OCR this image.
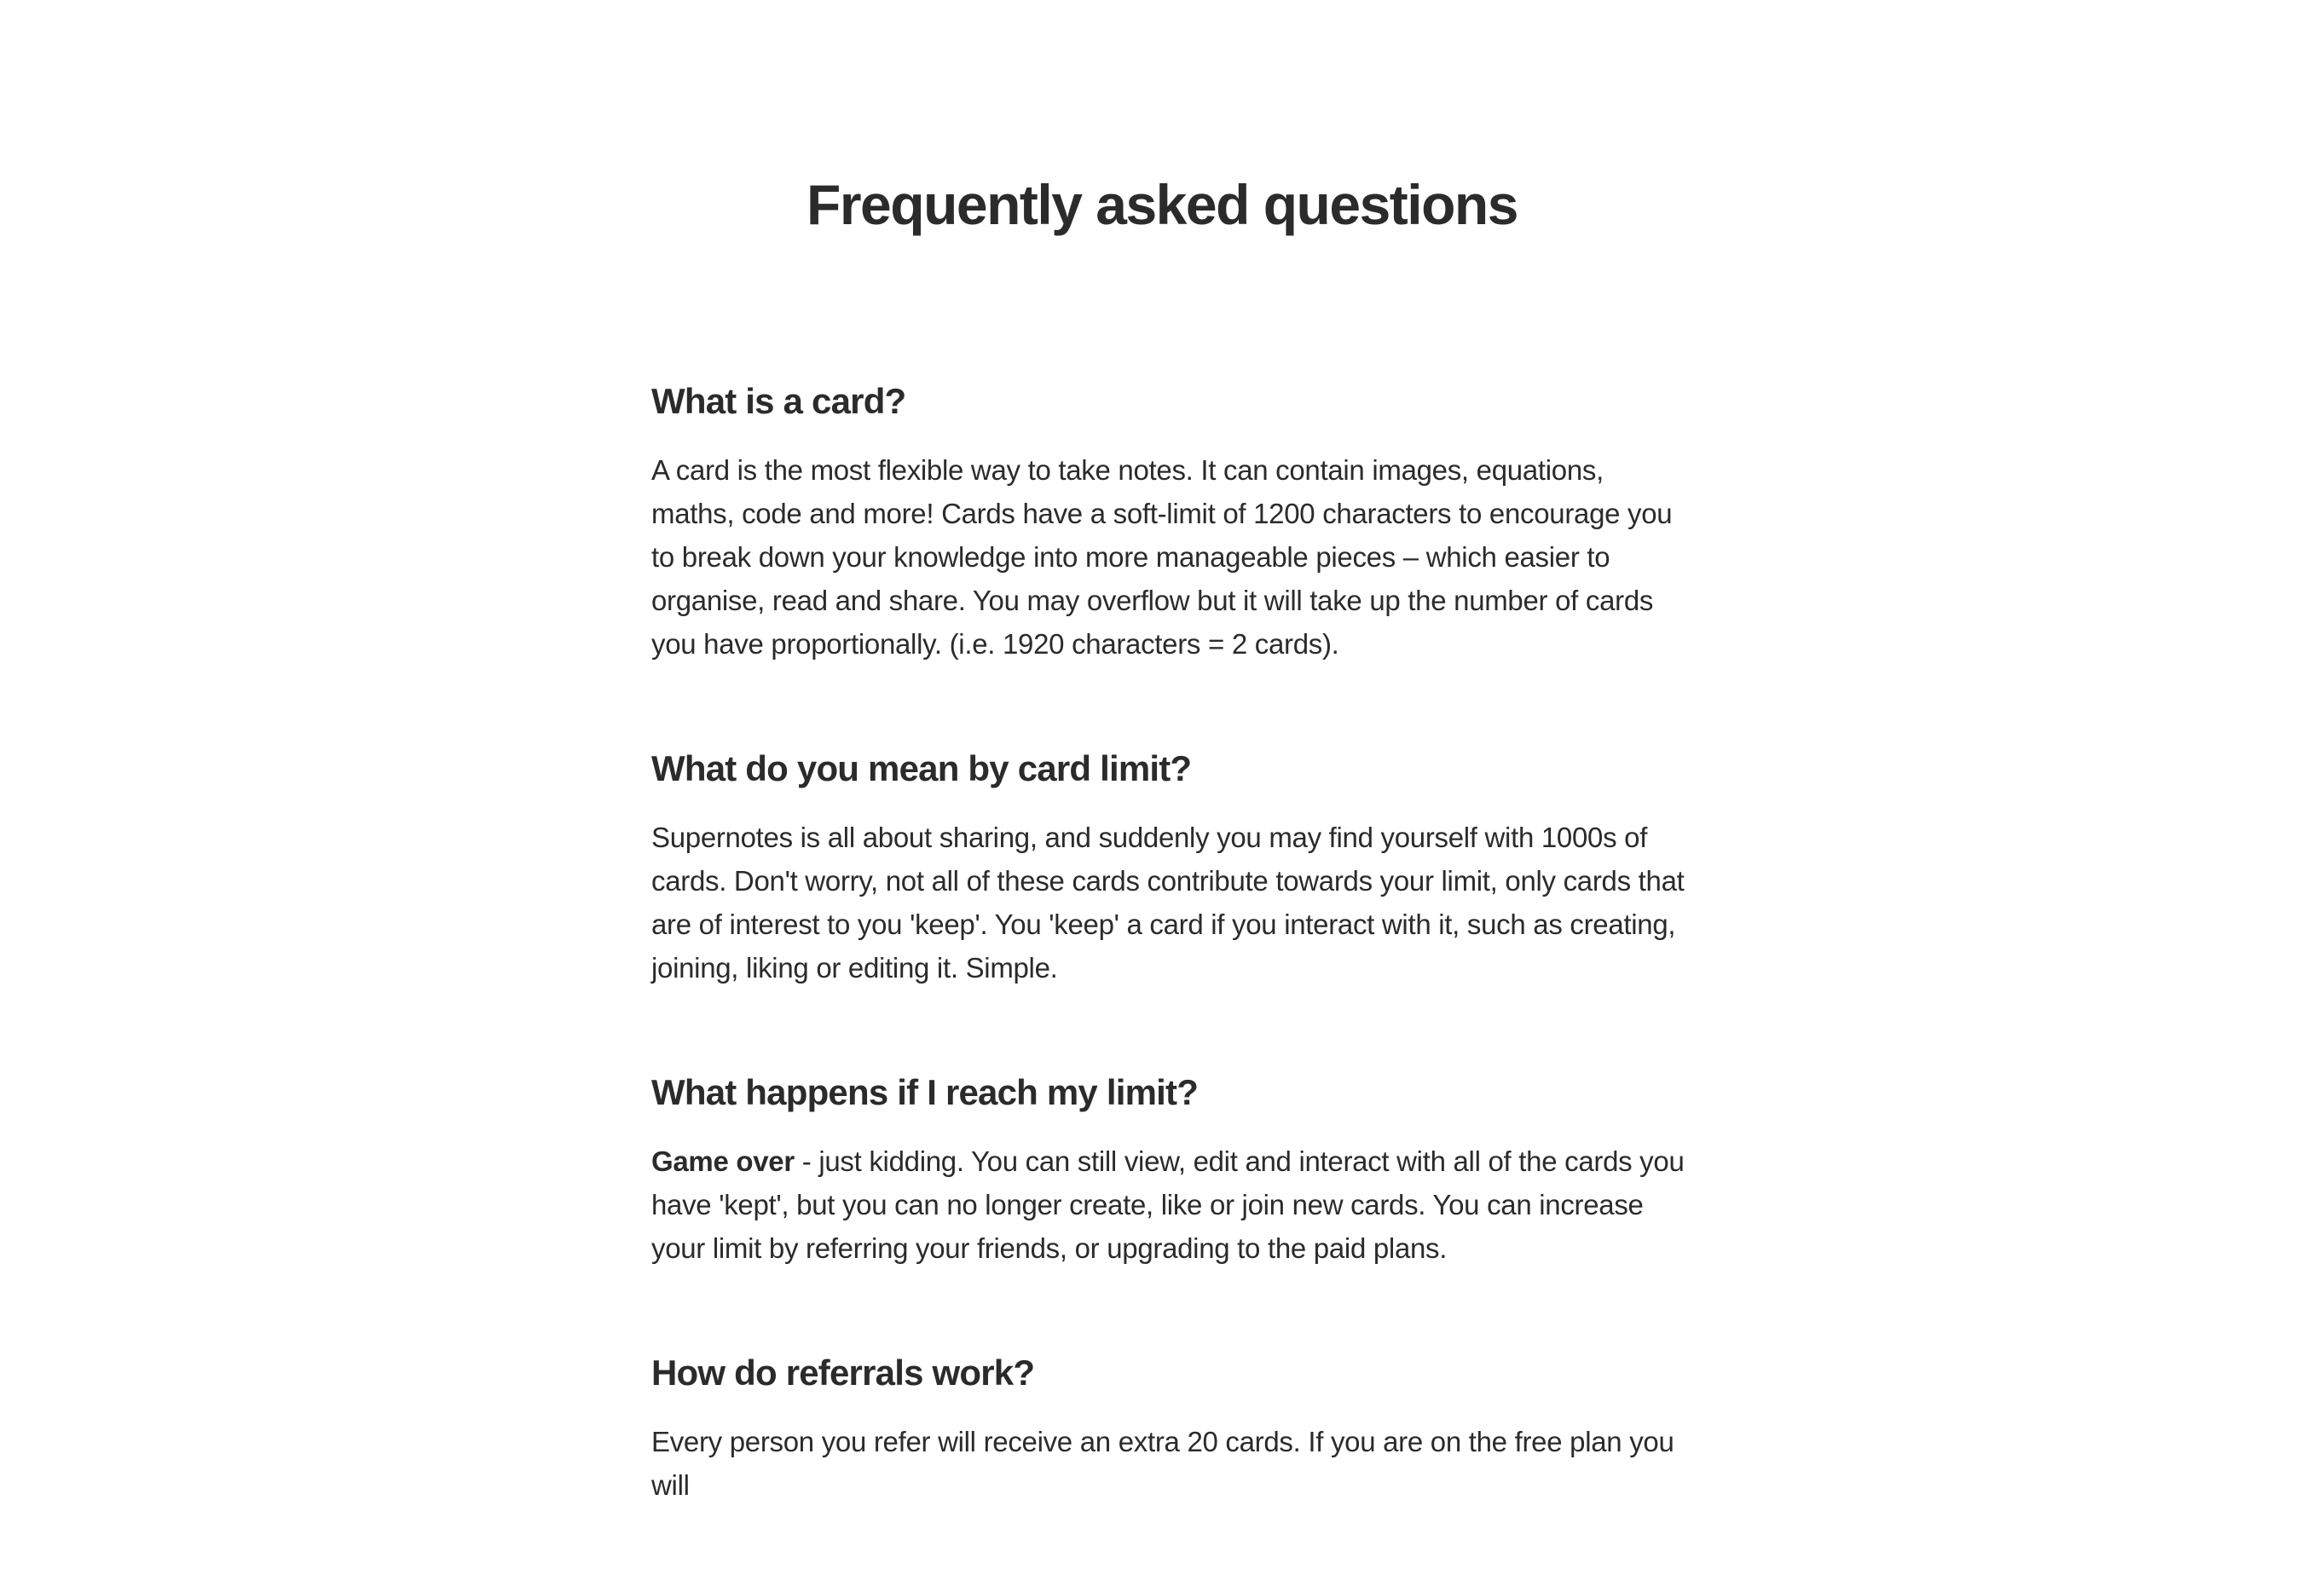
Frequently asked questions
What is a card?

A card is the most flexible way to take notes. It can contain images, equations, maths, code and more! Cards have a soft-limit of 1200 characters to encourage you to break down your knowledge into more manageable pieces – which easier to organise, read and share. You may overflow but it will take up the number of cards you have proportionally. (i.e. 1920 characters = 2 cards).

What do you mean by card limit?

Supernotes is all about sharing, and suddenly you may find yourself with 1000s of cards. Don't worry, not all of these cards contribute towards your limit, only cards that are of interest to you 'keep'. You 'keep' a card if you interact with it, such as creating, joining, liking or editing it. Simple.

What happens if I reach my limit?

Game over - just kidding. You can still view, edit and interact with all of the cards you have 'kept', but you can no longer create, like or join new cards. You can increase your limit by referring your friends, or upgrading to the paid plans.

How do referrals work?

Every person you refer will receive an extra 20 cards. If you are on the free plan you will
